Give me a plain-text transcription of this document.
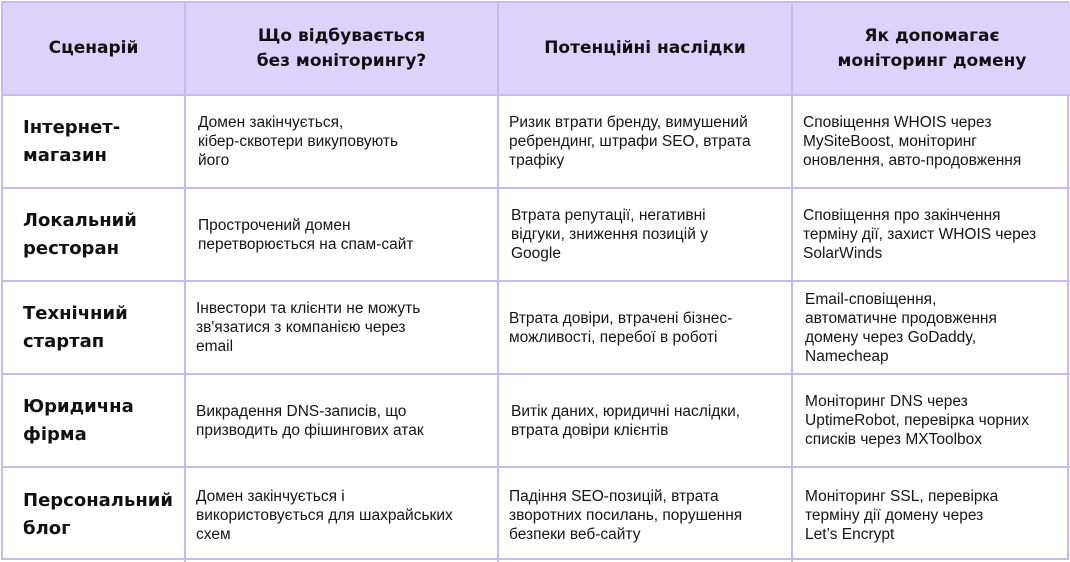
Сценарій
Що відбувається
без моніторингу?
Потенційні наслідки
Як допомагає
моніторинг домену
Інтернет-
магазин
Домен закінчується,
кібер-сквотери викуповують
його
Ризик втрати бренду, вимушений
ребрендинг, штрафи SEO, втрата
трафіку
Сповіщення WHOIS через
MySiteBoost, моніторинг
оновлення, авто-продовження
Локальний
ресторан
Прострочений домен
перетворюється на спам-сайт
Втрата репутації, негативні
відгуки, зниження позицій у
Google
Сповіщення про закінчення
терміну дії, захист WHOIS через
SolarWinds
Технічний
стартап
Інвестори та клієнти не можуть
зв'язатися з компанією через
email
Втрата довіри, втрачені бізнес-
можливості, перебої в роботі
Email-сповіщення,
автоматичне продовження
домену через GoDaddy,
Namecheap
Юридична
фірма
Викрадення DNS-записів, що
призводить до фішингових атак
Витік даних, юридичні наслідки,
втрата довіри клієнтів
Моніторинг DNS через
UptimeRobot, перевірка чорних
списків через MXToolbox
Персональний
блог
Домен закінчується і
використовується для шахрайських
схем
Падіння SEO-позицій, втрата
зворотних посилань, порушення
безпеки веб-сайту
Моніторинг SSL, перевірка
терміну дії домену через
Let’s Encrypt
